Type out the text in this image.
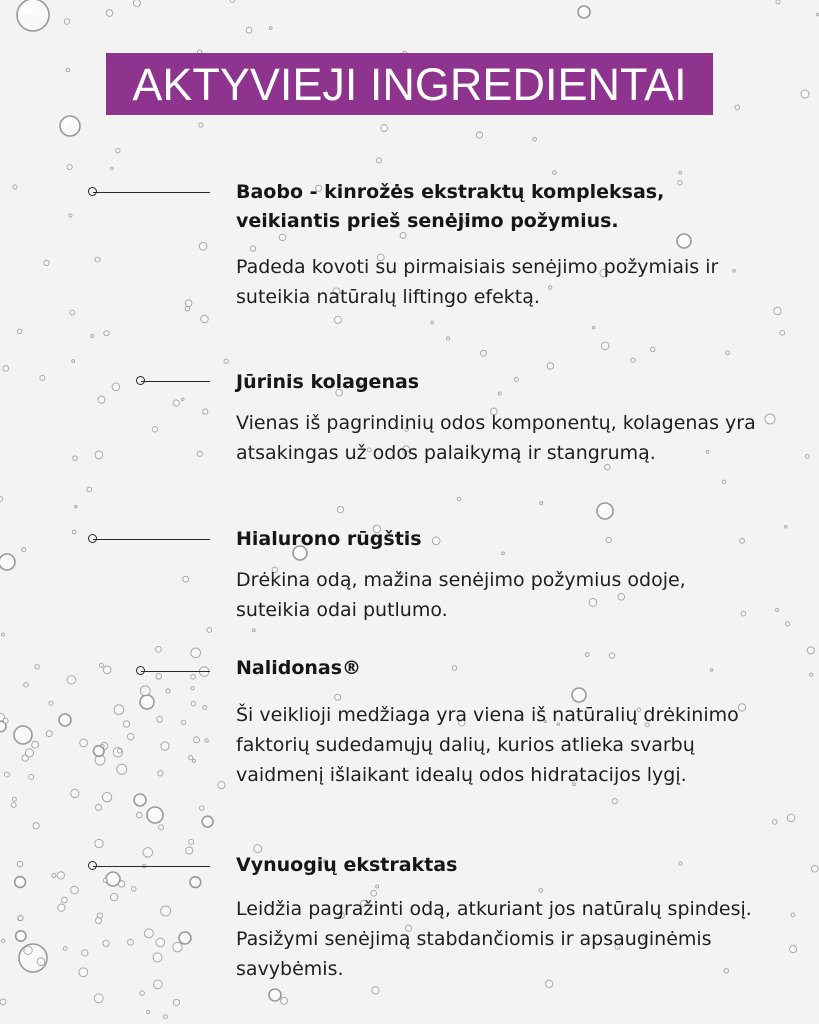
AKTYVIEJI INGREDIENTAI
Baobo - kinrožės ekstraktų kompleksas, veikiantis prieš senėjimo požymius.
Padeda kovoti su pirmaisiais senėjimo požymiais ir suteikia natūralų liftingo efektą.
Jūrinis kolagenas
Vienas iš pagrindinių odos komponentų, kolagenas yra atsakingas už odos palaikymą ir stangrumą.
Hialurono rūgštis
Drėkina odą, mažina senėjimo požymius odoje, suteikia odai putlumo.
Nalidonas®
Ši veiklioji medžiaga yra viena iš natūralių drėkinimo faktorių sudedamųjų dalių, kurios atlieka svarbų vaidmenį išlaikant idealų odos hidratacijos lygį.
Vynuogių ekstraktas
Leidžia pagražinti odą, atkuriant jos natūralų spindesį. Pasižymi senėjimą stabdančiomis ir apsauginėmis savybėmis.
